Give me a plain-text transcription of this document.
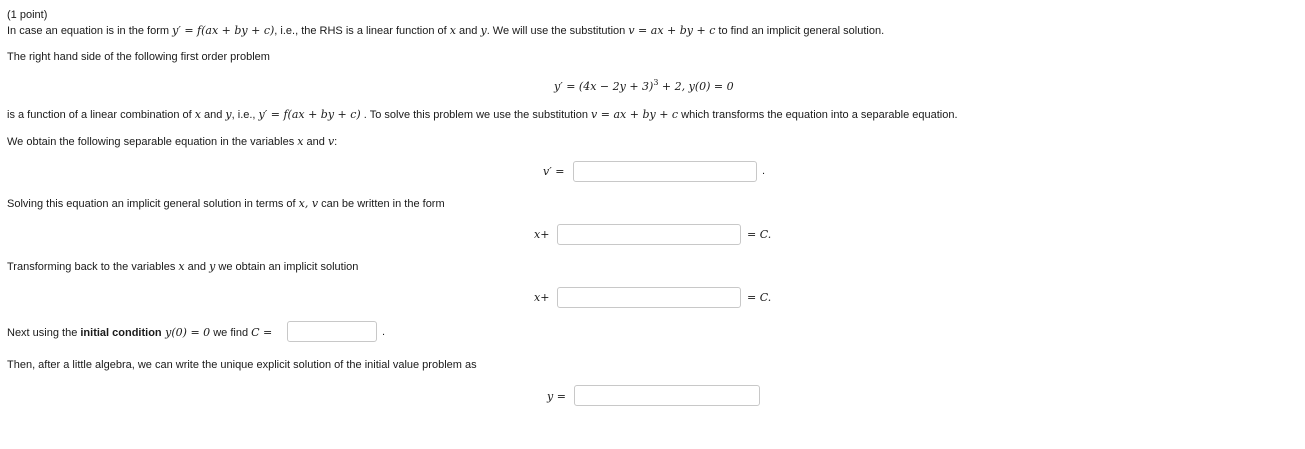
(1 point)
In case an equation is in the form y′ = f(ax + by + c), i.e., the RHS is a linear function of x and y. We will use the substitution v = ax + by + c to find an implicit general solution.
The right hand side of the following first order problem
$y' = (4x - 2y + 3)^3 + 2$, y(0) = 0
is a function of a linear combination of x and y, i.e., y′ = f(ax + by + c) . To solve this problem we use the substitution v = ax + by + c which transforms the equation into a separable equation.
We obtain the following separable equation in the variables x and v:
v′ =	.
Solving this equation an implicit general solution in terms of x, v can be written in the form
x+	= C.
Transforming back to the variables x and y we obtain an implicit solution
x+	= C.
Next using the initial condition y(0) = 0 we find C =	.
Then, after a little algebra, we can write the unique explicit solution of the initial value problem as
y =
